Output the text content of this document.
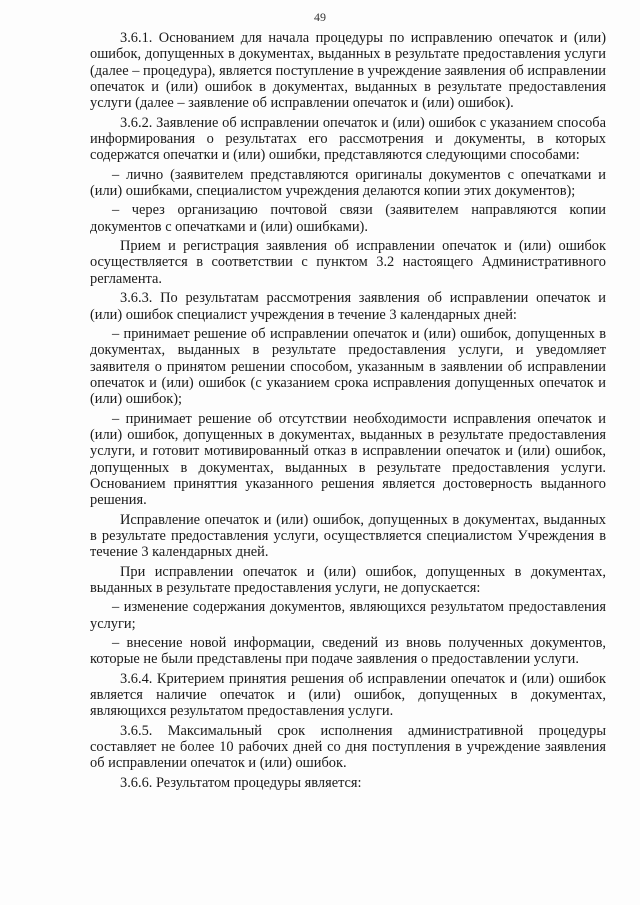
49

3.6.1. Основанием для начала процедуры по исправлению опечаток и (или) ошибок, допущенных в документах, выданных в результате предоставления услуги (далее – процедура), является поступление в учреждение заявления об исправлении опечаток и (или) ошибок в документах, выданных в результате предоставления услуги (далее – заявление об исправлении опечаток и (или) ошибок).

3.6.2. Заявление об исправлении опечаток и (или) ошибок с указанием способа информирования о результатах его рассмотрения и документы, в которых содержатся опечатки и (или) ошибки, представляются следующими способами:

– лично (заявителем представляются оригиналы документов с опечатками и (или) ошибками, специалистом учреждения делаются копии этих документов);

– через организацию почтовой связи (заявителем направляются копии документов с опечатками и (или) ошибками).

Прием и регистрация заявления об исправлении опечаток и (или) ошибок осуществляется в соответствии с пунктом 3.2 настоящего Административного регламента.

3.6.3. По результатам рассмотрения заявления об исправлении опечаток и (или) ошибок специалист учреждения в течение 3 календарных дней:

– принимает решение об исправлении опечаток и (или) ошибок, допущенных в документах, выданных в результате предоставления услуги, и уведомляет заявителя о принятом решении способом, указанным в заявлении об исправлении опечаток и (или) ошибок (с указанием срока исправления допущенных опечаток и (или) ошибок);

– принимает решение об отсутствии необходимости исправления опечаток и (или) ошибок, допущенных в документах, выданных в результате предоставления услуги, и готовит мотивированный отказ в исправлении опечаток и (или) ошибок, допущенных в документах, выданных в результате предоставления услуги. Основанием приняттия указанного решения является достоверность выданного решения.

Исправление опечаток и (или) ошибок, допущенных в документах, выданных в результате предоставления услуги, осуществляется специалистом Учреждения в течение 3 календарных дней.

При исправлении опечаток и (или) ошибок, допущенных в документах, выданных в результате предоставления услуги, не допускается:

– изменение содержания документов, являющихся результатом предоставления услуги;

– внесение новой информации, сведений из вновь полученных документов, которые не были представлены при подаче заявления о предоставлении услуги.

3.6.4. Критерием принятия решения об исправлении опечаток и (или) ошибок является наличие опечаток и (или) ошибок, допущенных в документах, являющихся результатом предоставления услуги.

3.6.5. Максимальный срок исполнения административной процедуры составляет не более 10 рабочих дней со дня поступления в учреждение заявления об исправлении опечаток и (или) ошибок.

3.6.6. Результатом процедуры является:
